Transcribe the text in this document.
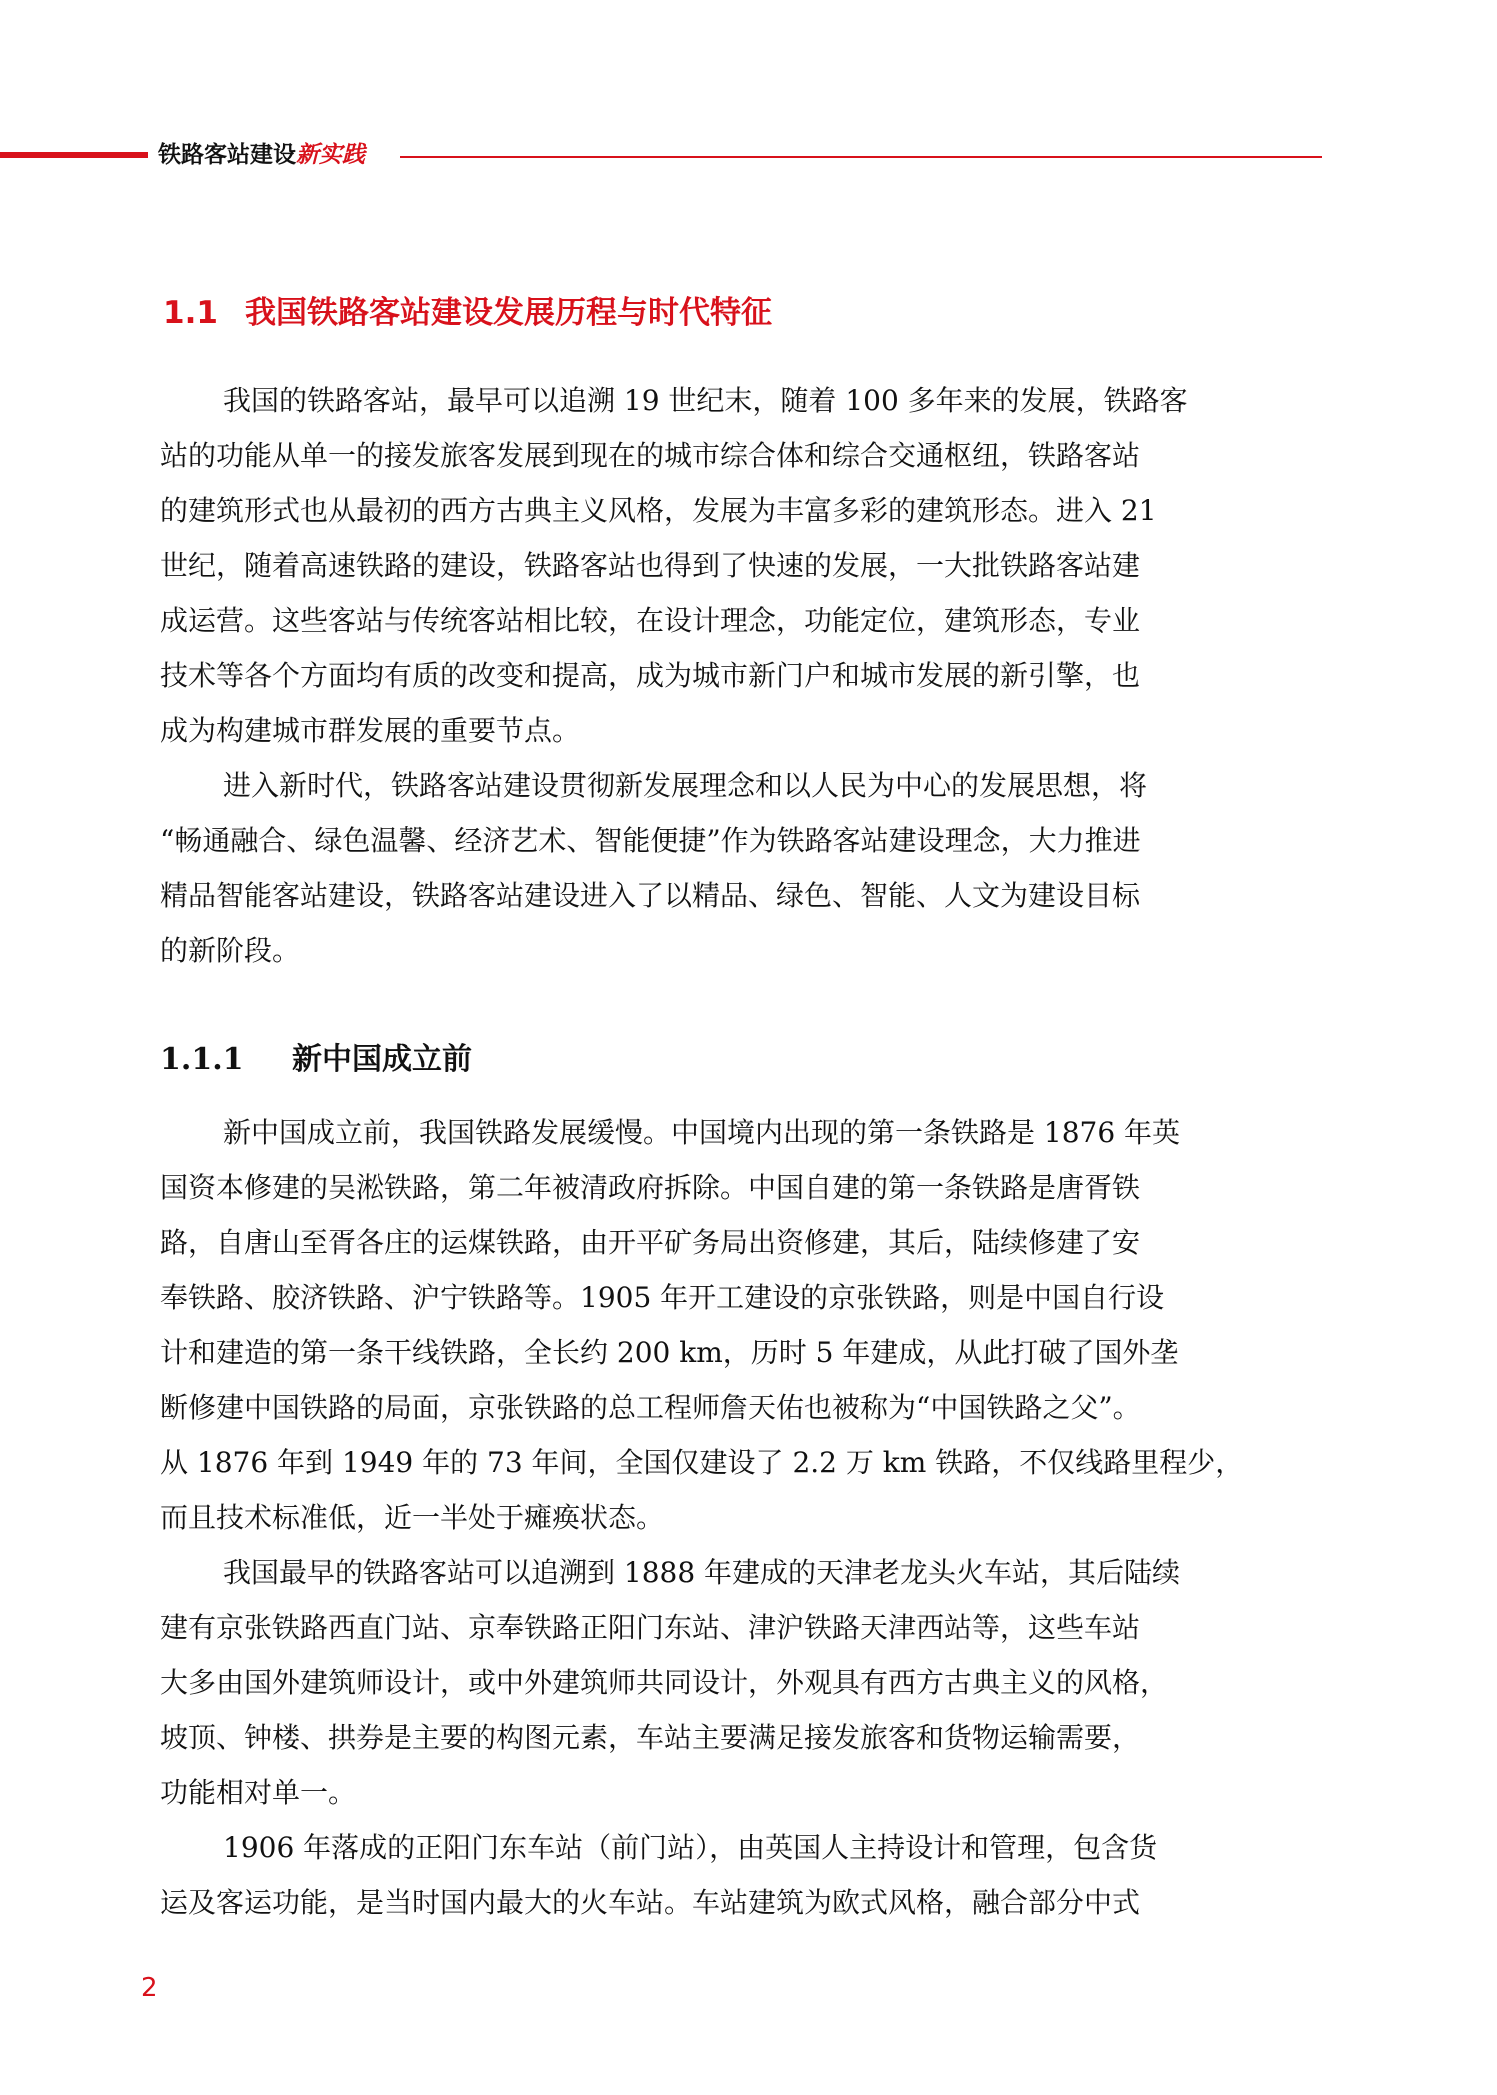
铁路客站建设新实践
1.1 我国铁路客站建设发展历程与时代特征
我国的铁路客站，最早可以追溯 19 世纪末，随着 100 多年来的发展，铁路客
站的功能从单一的接发旅客发展到现在的城市综合体和综合交通枢纽，铁路客站
的建筑形式也从最初的西方古典主义风格，发展为丰富多彩的建筑形态。进入 21
世纪，随着高速铁路的建设，铁路客站也得到了快速的发展，一大批铁路客站建
成运营。这些客站与传统客站相比较，在设计理念，功能定位，建筑形态，专业
技术等各个方面均有质的改变和提高，成为城市新门户和城市发展的新引擎，也
成为构建城市群发展的重要节点。
进入新时代，铁路客站建设贯彻新发展理念和以人民为中心的发展思想，将
“畅通融合、绿色温馨、经济艺术、智能便捷”作为铁路客站建设理念，大力推进
精品智能客站建设，铁路客站建设进入了以精品、绿色、智能、人文为建设目标
的新阶段。
1.1.1 新中国成立前
新中国成立前，我国铁路发展缓慢。中国境内出现的第一条铁路是 1876 年英
国资本修建的吴淞铁路，第二年被清政府拆除。中国自建的第一条铁路是唐胥铁
路，自唐山至胥各庄的运煤铁路，由开平矿务局出资修建，其后，陆续修建了安
奉铁路、胶济铁路、沪宁铁路等。1905 年开工建设的京张铁路，则是中国自行设
计和建造的第一条干线铁路，全长约 200 km，历时 5 年建成，从此打破了国外垄
断修建中国铁路的局面，京张铁路的总工程师詹天佑也被称为“中国铁路之父”。
从 1876 年到 1949 年的 73 年间，全国仅建设了 2.2 万 km 铁路，不仅线路里程少，
而且技术标准低，近一半处于瘫痪状态。
我国最早的铁路客站可以追溯到 1888 年建成的天津老龙头火车站，其后陆续
建有京张铁路西直门站、京奉铁路正阳门东站、津沪铁路天津西站等，这些车站
大多由国外建筑师设计，或中外建筑师共同设计，外观具有西方古典主义的风格，
坡顶、钟楼、拱券是主要的构图元素，车站主要满足接发旅客和货物运输需要，
功能相对单一。
1906 年落成的正阳门东车站（前门站），由英国人主持设计和管理，包含货
运及客运功能，是当时国内最大的火车站。车站建筑为欧式风格，融合部分中式
2
